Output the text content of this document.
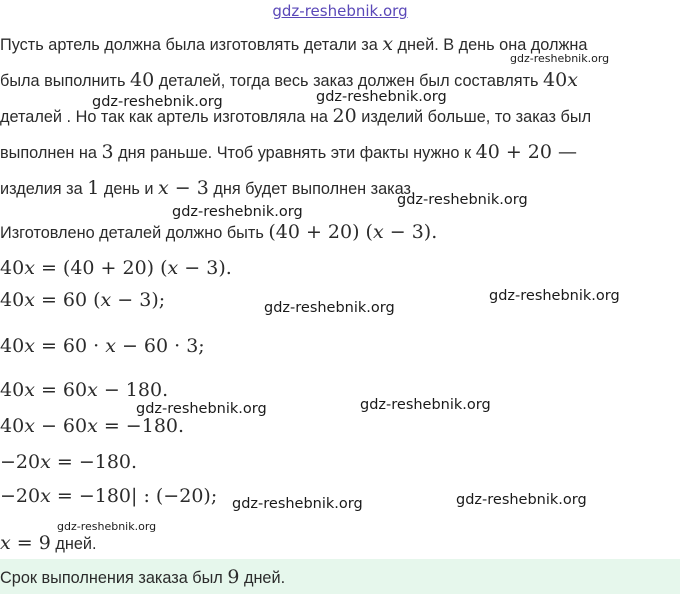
gdz-reshebnik.org
Пусть артель должна была изготовлять детали за x дней. В день она должна
была выполнить 40 деталей, тогда весь заказ должен был составлять 40x
деталей . Но так как артель изготовляла на 20 изделий больше, то заказ был
выполнен на 3 дня раньше. Чтоб уравнять эти факты нужно к 40 + 20 —
изделия за 1 день и x − 3 дня будет выполнен заказ.
Изготовлено деталей должно быть (40 + 20) (x − 3).
40x = (40 + 20) (x − 3).
40x = 60 (x − 3);
40x = 60 · x − 60 · 3;
40x = 60x − 180.
40x − 60x = −180.
−20x = −180.
−20x = −180| : (−20);
x = 9 дней.
Срок выполнения заказа был 9 дней.
gdz-reshebnik.org
gdz-reshebnik.org	gdz-reshebnik.org
gdz-reshebnik.org
gdz-reshebnik.org
gdz-reshebnik.org
gdz-reshebnik.org
gdz-reshebnik.org
gdz-reshebnik.org
gdz-reshebnik.org
gdz-reshebnik.org
gdz-reshebnik.org
